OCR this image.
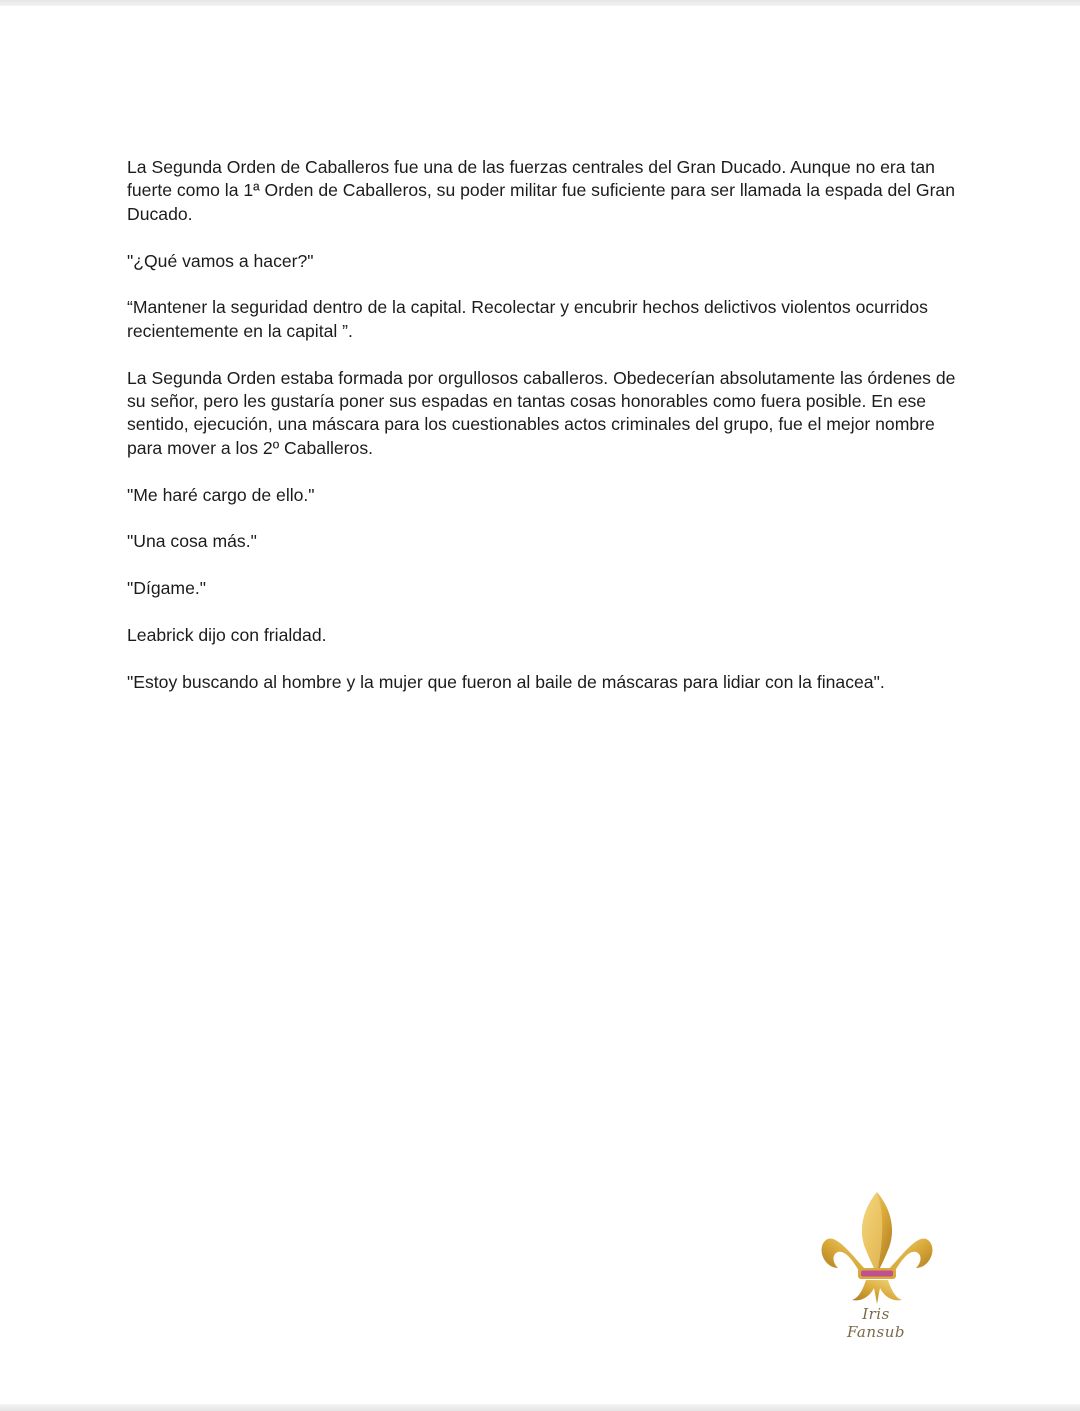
La Segunda Orden de Caballeros fue una de las fuerzas centrales del Gran Ducado. Aunque no era tan fuerte como la 1ª Orden de Caballeros, su poder militar fue suficiente para ser llamada la espada del Gran Ducado.

"¿Qué vamos a hacer?"

“Mantener la seguridad dentro de la capital. Recolectar y encubrir hechos delictivos violentos ocurridos recientemente en la capital ”.

La Segunda Orden estaba formada por orgullosos caballeros. Obedecerían absolutamente las órdenes de su señor, pero les gustaría poner sus espadas en tantas cosas honorables como fuera posible. En ese sentido, ejecución, una máscara para los cuestionables actos criminales del grupo, fue el mejor nombre para mover a los 2º Caballeros.

"Me haré cargo de ello."

"Una cosa más."

"Dígame."

Leabrick dijo con frialdad.

"Estoy buscando al hombre y la mujer que fueron al baile de máscaras para lidiar con la finacea".

Iris Fansub
